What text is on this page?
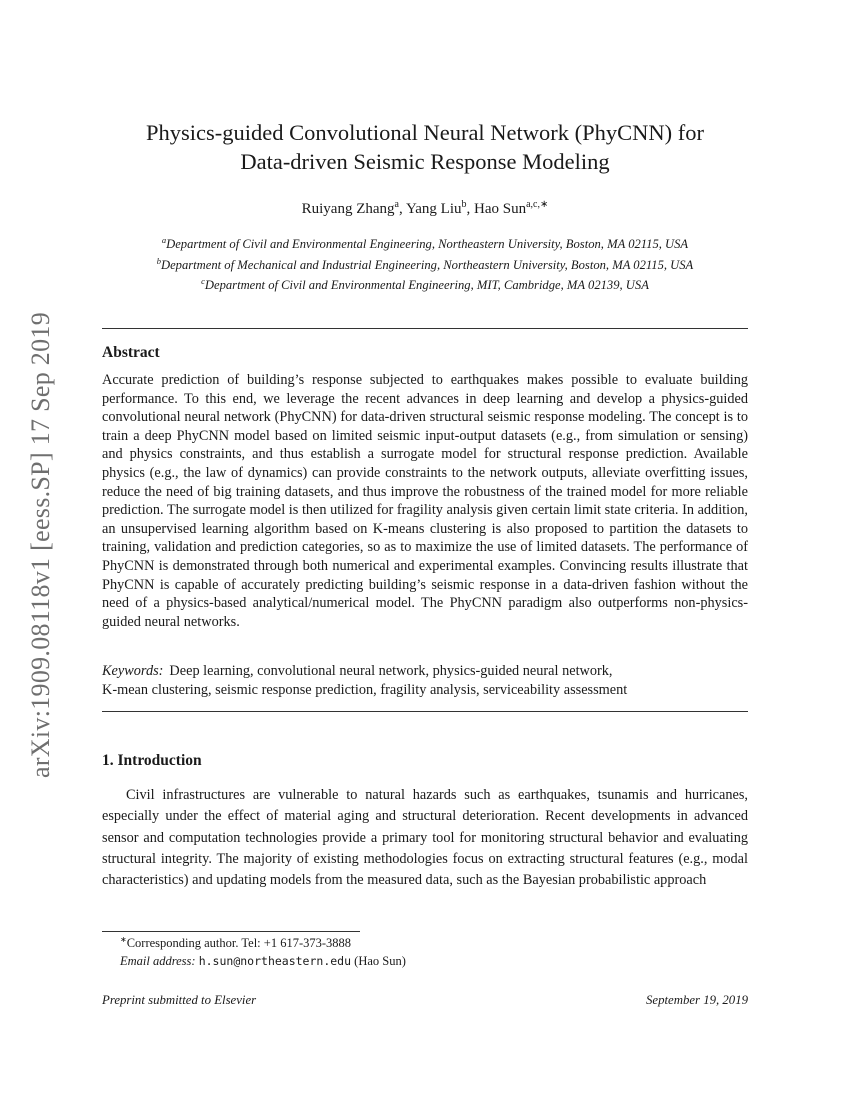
arXiv:1909.08118v1 [eess.SP] 17 Sep 2019
Physics-guided Convolutional Neural Network (PhyCNN) for
Data-driven Seismic Response Modeling
Ruiyang Zhang$^a$, Yang Liu$^b$, Hao Sun$^{a,c,∗}$
$^a$Department of Civil and Environmental Engineering, Northeastern University, Boston, MA 02115, USA
$^b$Department of Mechanical and Industrial Engineering, Northeastern University, Boston, MA 02115, USA
$^c$Department of Civil and Environmental Engineering, MIT, Cambridge, MA 02139, USA
Abstract

Accurate prediction of building’s response subjected to earthquakes makes possible to evaluate building performance. To this end, we leverage the recent advances in deep learning and develop a physics-guided convolutional neural network (PhyCNN) for data-driven structural seismic response modeling. The concept is to train a deep PhyCNN model based on limited seismic input-output datasets (e.g., from simulation or sensing) and physics constraints, and thus establish a surrogate model for structural response prediction. Available physics (e.g., the law of dynamics) can provide constraints to the network outputs, alleviate overfitting issues, reduce the need of big training datasets, and thus improve the robustness of the trained model for more reliable prediction. The surrogate model is then utilized for fragility analysis given certain limit state criteria. In addition, an unsupervised learning algorithm based on K-means clustering is also proposed to partition the datasets to training, validation and prediction categories, so as to maximize the use of limited datasets. The performance of PhyCNN is demonstrated through both numerical and experimental examples. Convincing results illustrate that PhyCNN is capable of accurately predicting building’s seismic response in a data-driven fashion without the need of a physics-based analytical/numerical model. The PhyCNN paradigm also outperforms non-physics-guided neural networks.

Keywords: Deep learning, convolutional neural network, physics-guided neural network,
K-mean clustering, seismic response prediction, fragility analysis, serviceability assessment
1. Introduction

Civil infrastructures are vulnerable to natural hazards such as earthquakes, tsunamis and hurricanes, especially under the effect of material aging and structural deterioration. Recent developments in advanced sensor and computation technologies provide a primary tool for monitoring structural behavior and evaluating structural integrity. The majority of existing methodologies focus on extracting structural features (e.g., modal characteristics) and updating models from the measured data, such as the Bayesian probabilistic approach

∗Corresponding author. Tel: +1 617-373-3888
Email address: h.sun@northeastern.edu (Hao Sun)
Preprint submitted to Elsevier	September 19, 2019
